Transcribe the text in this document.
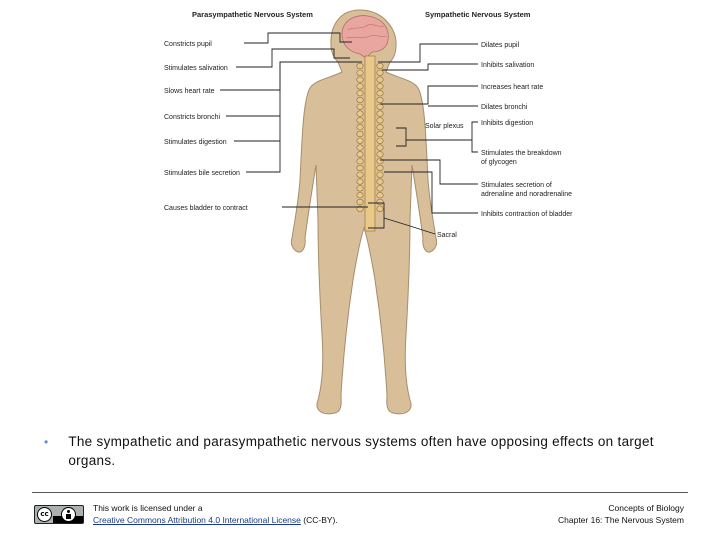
Parasympathetic Nervous System	Sympathetic Nervous System
Constricts pupil
Stimulates salivation
Slows heart rate
Constricts bronchi
Stimulates digestion
Stimulates bile secretion
Causes bladder to contract
Dilates pupil
Inhibits salivation
Increases heart rate
Dilates bronchi
Inhibits digestion
Stimulates the breakdown
of glycogen
Stimulates secretion of
adrenaline and noradrenaline
Inhibits contraction of bladder
Solar plexus
Sacral
•	The sympathetic and parasympathetic nervous systems often have opposing effects on target organs.
cc
This work is licensed under a
Creative Commons Attribution 4.0 International License (CC-BY).
Concepts of Biology
Chapter 16: The Nervous System
